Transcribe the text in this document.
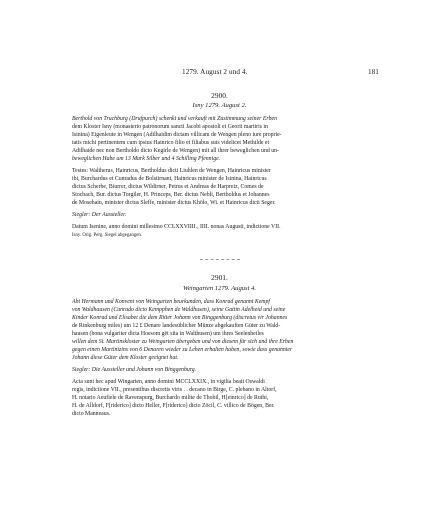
1279. August 2 und 4.	181
2900.
Isny 1279. August 2.
Berthold von Truchburg (Drufpurch) schenkt und verkauft mit Zustimmung seiner Erben
dem Kloster Isny (monasterio patronorum sancti Jacobi apostoli et Georii martiris in
Isinina) Eigenleute in Wengen (Adilhaidim dictam villicam de Wengen pleno iure proprie-
tatis michi pertinentem cum ipsius Hainrico filio et filiabus suis videlicet Methilde et
Adilhaide nec non Bertholdo dicto Kegirle de Wengen) mit all ihrer beweglichen und un-
beweglichen Habe um 13 Mark Silber und 4 Schilling Pfennige.
Testes: Waltherus, Hainricus, Bertholdus dicti Liuhlen de Wengen, Hainricus minister
ibi, Burchardus et Cunradus de Bolstirnant, Hainricus minister de Isinina, Hainricus
dictus Scherbe, Biurrer, dictus Wildirner, Petrus et Andreas de Harpreiz, Comes de
Stocbach, Bur. dictus Torgiler, H. Princeps, Ber. dictus Nebli, Bertholdus et Johannes
de Mosehain, minister dictus Sleffe, minister dictus Khölo, Wi. et Hainricus dicti Seger.
Siegler: Der Aussteller.
Datum Isenine, anno domini millesimo CCLXXVIIII., IIII. nonas Augusti, indictione VII.
Isny. Orig. Perg. Siegel abgegangen.
2901.
Weingarten 1279. August 4.
Abt Hermann und Konvent von Weingarten beurkunden, dass Konrad genannt Kempf
von Waldhausen (Cunrado dicto Kempphen de Waldhusen), seine Gattin Adelheid und seine
Kinder Konrad und Elisabet die dem Ritter Johann von Binggenburg (discretus vir Johannes
de Rinkenburg miles) um 12 £ Denare landesüblicher Münze abgekauften Güter zu Wald-
hausen (bona vulgariter dicta Hoesom gēt sita in Walthusen) um ihres Seelenheiles
willen dem St. Martinskloster zu Weingarten übergeben und von diesem für sich und ihre Erben
gegen einen Martinizins von 6 Denaren wieder zu Lehen erhalten haben, sowie dass genannter
Johann diese Güter dem Kloster geeignet hat.
Siegler: Die Aussteller und Johann von Binggenburg.
Acta sunt hec apud Wingarten, anno domini MCCLXXIX., in vigilia beati Oswaldi
regis, indictione VII., presentibus discretis viris . . decano in Birge, C. plebano in Altorf,
H. notario Aeufiele de Ravenspurg, Burchardo milite de Thobil, H[einrico] de Ruthi,
H. de Alldorf, F[riderico] dicto Heller, F[riderico] dicto Zöcil, C. villico de Bögen, Ber.
dicto Manneaus.
